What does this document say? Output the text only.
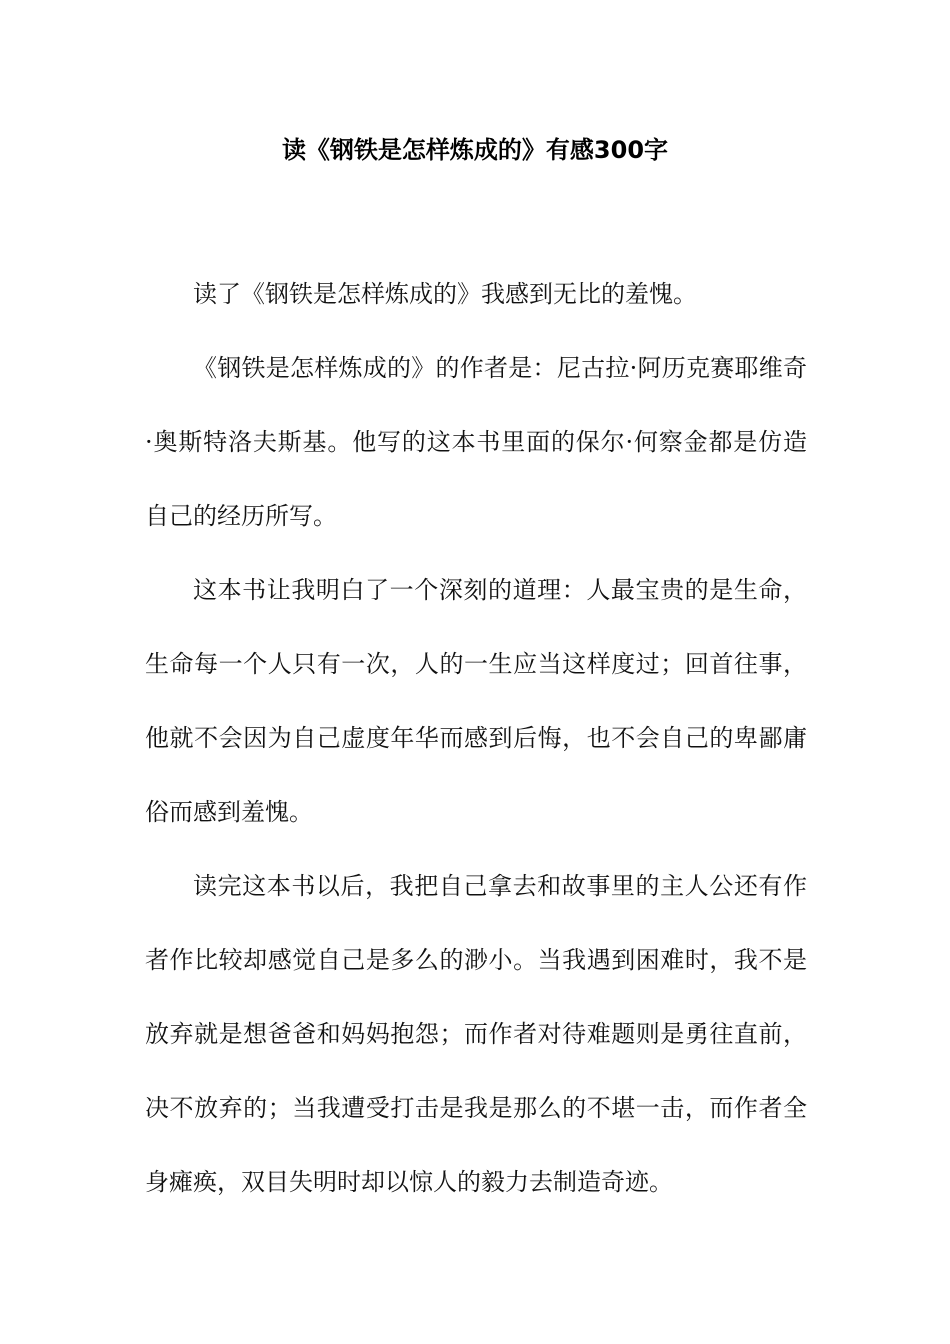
读《钢铁是怎样炼成的》有感300字

读了《钢铁是怎样炼成的》我感到无比的羞愧。

《钢铁是怎样炼成的》的作者是：尼古拉·阿历克赛耶维奇·奥斯特洛夫斯基。他写的这本书里面的保尔·何察金都是仿造自己的经历所写。

这本书让我明白了一个深刻的道理：人最宝贵的是生命，生命每一个人只有一次，人的一生应当这样度过；回首往事，他就不会因为自己虚度年华而感到后悔，也不会自己的卑鄙庸俗而感到羞愧。

读完这本书以后，我把自己拿去和故事里的主人公还有作者作比较却感觉自己是多么的渺小。当我遇到困难时，我不是放弃就是想爸爸和妈妈抱怨；而作者对待难题则是勇往直前，决不放弃的；当我遭受打击是我是那么的不堪一击，而作者全身瘫痪，双目失明时却以惊人的毅力去制造奇迹。
